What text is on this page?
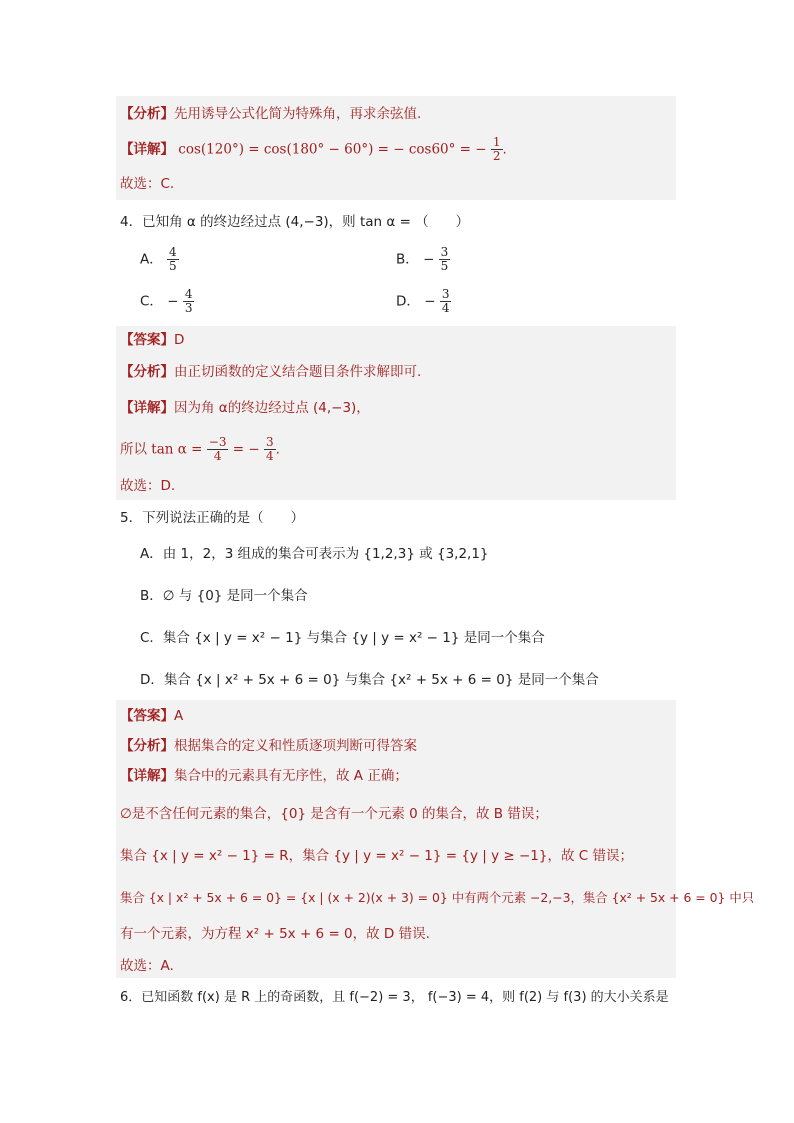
【分析】先用诱导公式化简为特殊角，再求余弦值.
【详解】 cos(120°) = cos(180° − 60°) = − cos60° = − $\frac{1}{2}$ .
故选：C.
4．已知角 α 的终边经过点 (4,−3)，则 tan α = （　　）
A． $\frac{4}{5}$	B． − $\frac{3}{5}$
C． − $\frac{4}{3}$	D． − $\frac{3}{4}$
【答案】D
【分析】由正切函数的定义结合题目条件求解即可.
【详解】因为角 α的终边经过点 (4,−3)，
所以 $\tan \alpha = \frac{-3}{4}$ = − $\frac{3}{4}$ .
故选：D.
5．下列说法正确的是（　　）
A．由 1，2，3 组成的集合可表示为 {1,2,3} 或 {3,2,1}
B．∅ 与 {0} 是同一个集合
C．集合 {x | y = x² − 1} 与集合 {y | y = x² − 1} 是同一个集合
D．集合 {x | x² + 5x + 6 = 0} 与集合 {x² + 5x + 6 = 0} 是同一个集合
【答案】A
【分析】根据集合的定义和性质逐项判断可得答案
【详解】集合中的元素具有无序性，故 A 正确；
∅是不含任何元素的集合，{0} 是含有一个元素 0 的集合，故 B 错误；
集合 {x | y = x² − 1} = R，集合 {y | y = x² − 1} = {y | y ≥ −1}，故 C 错误；
集合 {x | x² + 5x + 6 = 0} = {x | (x + 2)(x + 3) = 0} 中有两个元素 −2,−3，集合 {x² + 5x + 6 = 0} 中只
有一个元素，为方程 x² + 5x + 6 = 0，故 D 错误.
故选：A.
6．已知函数 f(x) 是 R 上的奇函数，且 f(−2) = 3， f(−3) = 4，则 f(2) 与 f(3) 的大小关系是
